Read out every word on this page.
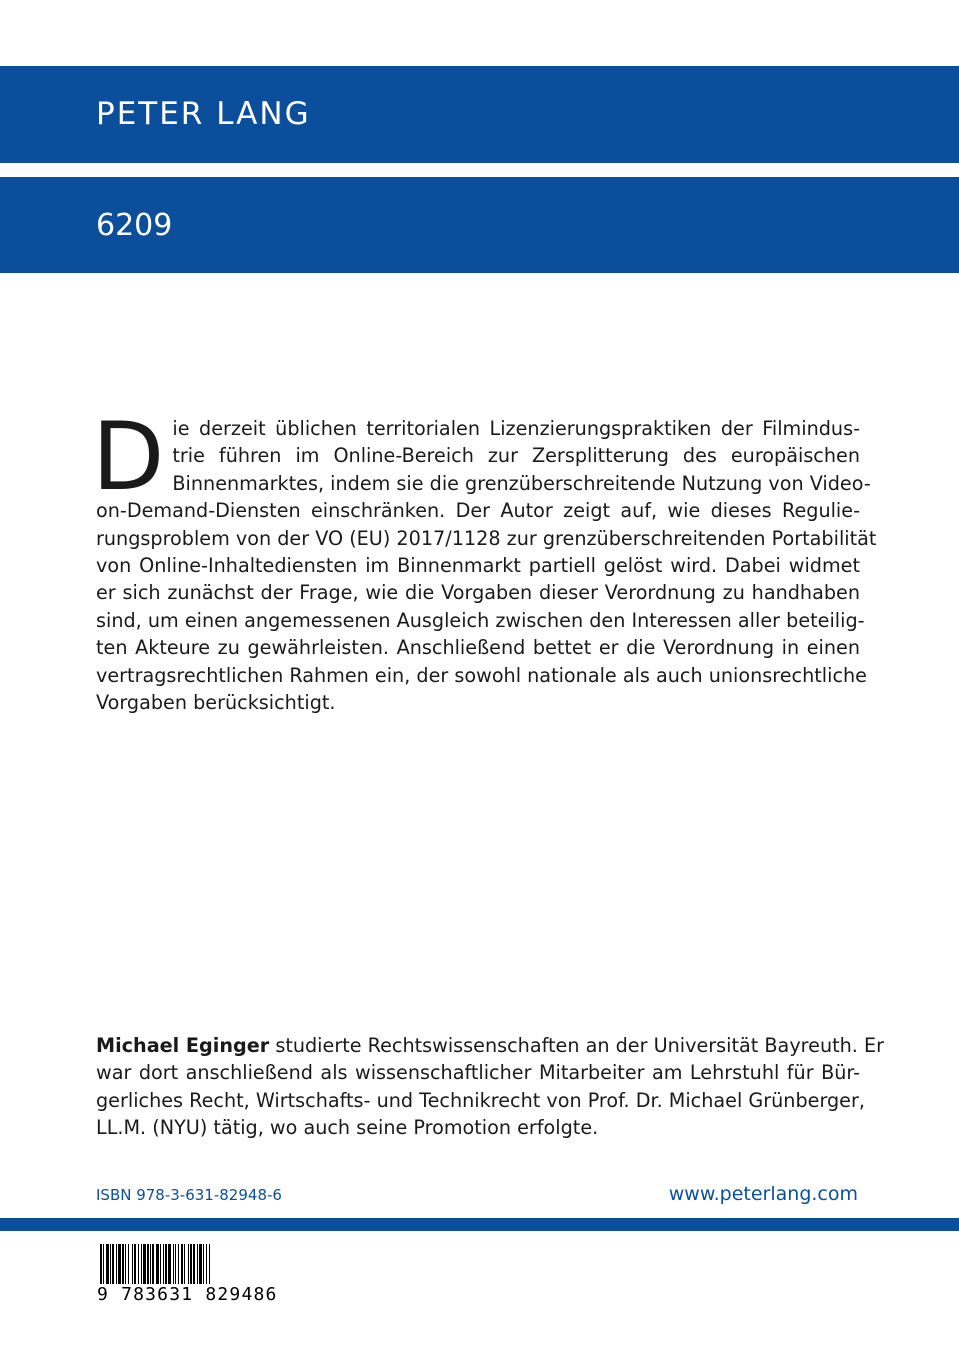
PETER LANG
6209
D ie derzeit üblichen territorialen Lizenzierungspraktiken der Filmindus-
trie führen im Online-Bereich zur Zersplitterung des europäischen
Binnenmarktes, indem sie die grenzüberschreitende Nutzung von Video-
on-Demand-Diensten einschränken. Der Autor zeigt auf, wie dieses Regulie-
rungsproblem von der VO (EU) 2017/1128 zur grenzüberschreitenden Portabilität
von Online-Inhaltediensten im Binnenmarkt partiell gelöst wird. Dabei widmet
er sich zunächst der Frage, wie die Vorgaben dieser Verordnung zu handhaben
sind, um einen angemessenen Ausgleich zwischen den Interessen aller beteilig-
ten Akteure zu gewährleisten. Anschließend bettet er die Verordnung in einen
vertragsrechtlichen Rahmen ein, der sowohl nationale als auch unionsrechtliche
Vorgaben berücksichtigt.
Michael Eginger studierte Rechtswissenschaften an der Universität Bayreuth. Er
war dort anschließend als wissenschaftlicher Mitarbeiter am Lehrstuhl für Bür-
gerliches Recht, Wirtschafts- und Technikrecht von Prof. Dr. Michael Grünberger,
LL.M. (NYU) tätig, wo auch seine Promotion erfolgte.
ISBN 978-3-631-82948-6	www.peterlang.com
9 783631 829486
